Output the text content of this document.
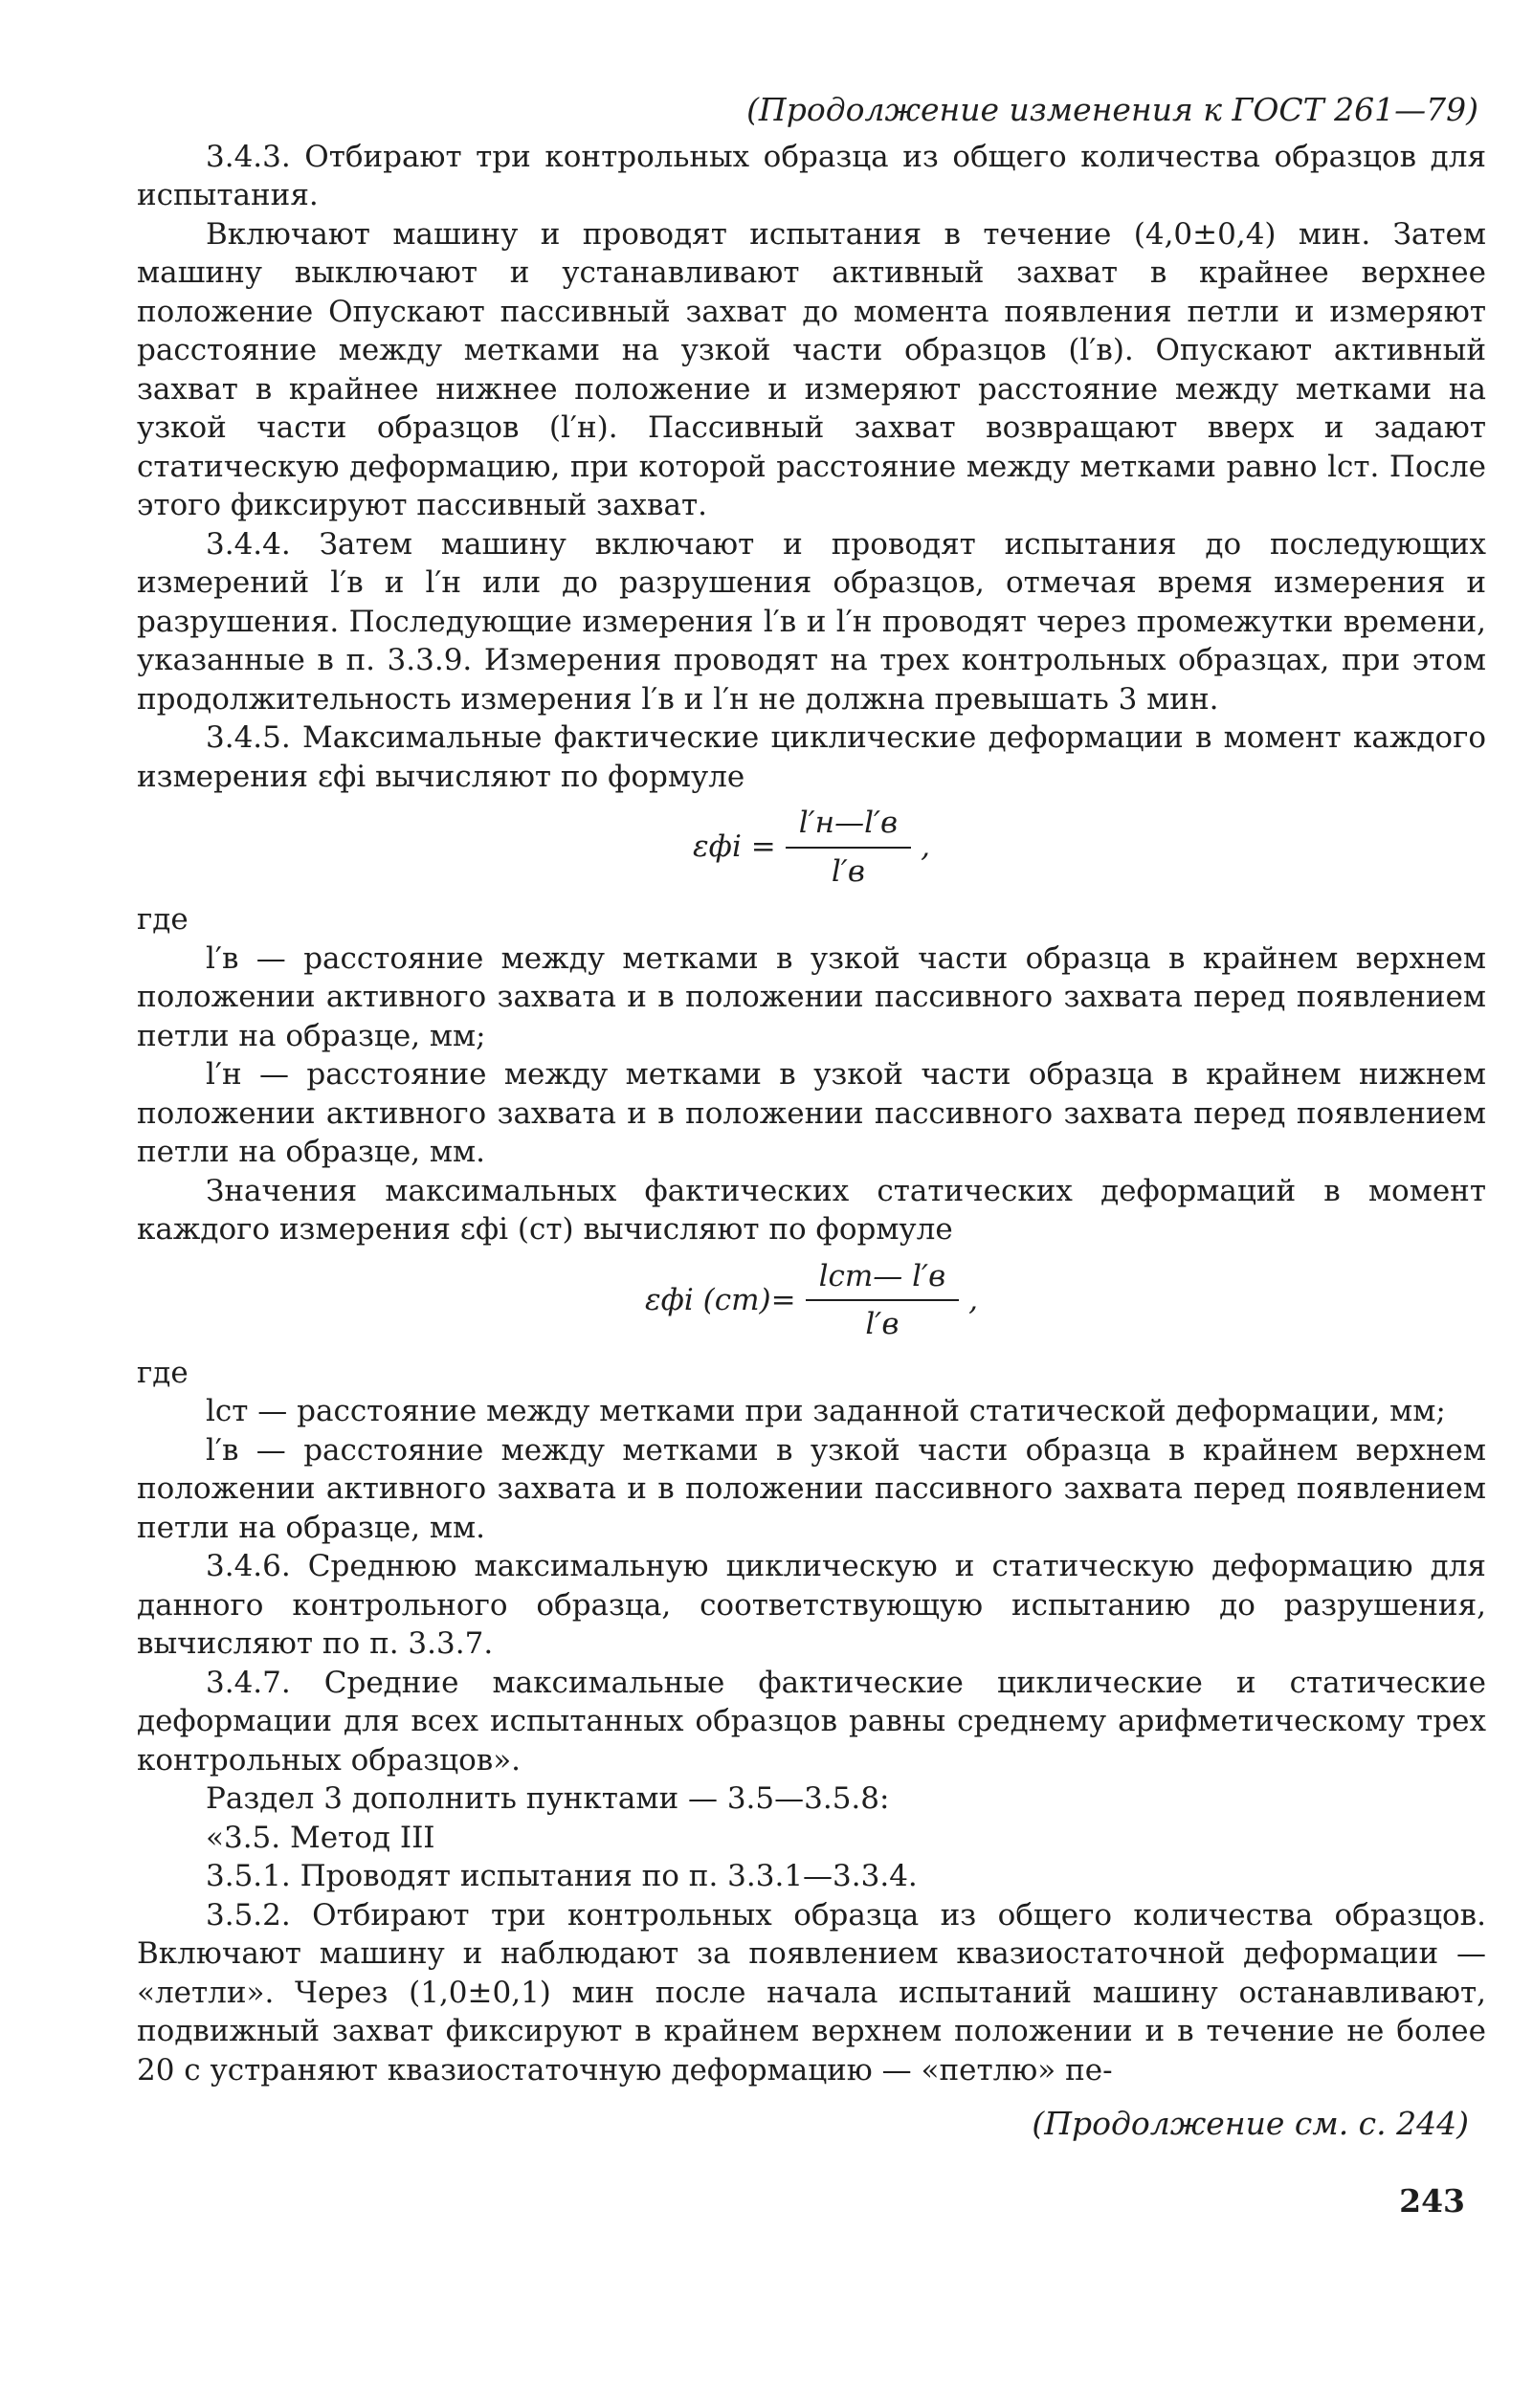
(Продолжение изменения к ГОСТ 261—79)

3.4.3. Отбирают три контрольных образца из общего количества образцов для испытания.

Включают машину и проводят испытания в течение (4,0±0,4) мин. Затем машину выключают и устанавливают активный захват в крайнее верхнее положение Опускают пассивный захват до момента появления петли и измеряют расстояние между метками на узкой части образцов (l′в). Опускают активный захват в крайнее нижнее положение и измеряют расстояние между метками на узкой части образцов (l′н). Пассивный захват возвращают вверх и задают статическую деформацию, при которой расстояние между метками равно lст. После этого фиксируют пассивный захват.

3.4.4. Затем машину включают и проводят испытания до последующих измерений l′в и l′н или до разрушения образцов, отмечая время измерения и разрушения. Последующие измерения l′в и l′н проводят через промежутки времени, указанные в п. 3.3.9. Измерения проводят на трех контрольных образцах, при этом продолжительность измерения l′в и l′н не должна превышать 3 мин.

3.4.5. Максимальные фактические циклические деформации в момент каждого измерения εфi вычисляют по формуле

$\varepsilon фi = \frac{l'н—l'в}{l'в}$ ,

где

l′в — расстояние между метками в узкой части образца в крайнем верхнем положении активного захвата и в положении пассивного захвата перед появлением петли на образце, мм;

l′н — расстояние между метками в узкой части образца в крайнем нижнем положении активного захвата и в положении пассивного захвата перед появлением петли на образце, мм.

Значения максимальных фактических статических деформаций в момент каждого измерения εфi (ст) вычисляют по формуле

εфi $(ст)= \frac{\text{lст— l′в}}{l'в}$ ,

где

lст — расстояние между метками при заданной статической деформации, мм;

l′в — расстояние между метками в узкой части образца в крайнем верхнем положении активного захвата и в положении пассивного захвата перед появлением петли на образце, мм.

3.4.6. Среднюю максимальную циклическую и статическую деформацию для данного контрольного образца, соответствующую испытанию до разрушения, вычисляют по п. 3.3.7.

3.4.7. Средние максимальные фактические циклические и статические деформации для всех испытанных образцов равны среднему арифметическому трех контрольных образцов».

Раздел 3 дополнить пунктами — 3.5—3.5.8:

«3.5. Метод III

3.5.1. Проводят испытания по п. 3.3.1—3.3.4.

3.5.2. Отбирают три контрольных образца из общего количества образцов. Включают машину и наблюдают за появлением квазиостаточной деформации — «летли». Через (1,0±0,1) мин после начала испытаний машину останавливают, подвижный захват фиксируют в крайнем верхнем положении и в течение не более 20 с устраняют квазиостаточную деформацию — «петлю» пе-

(Продолжение см. с. 244)
243
